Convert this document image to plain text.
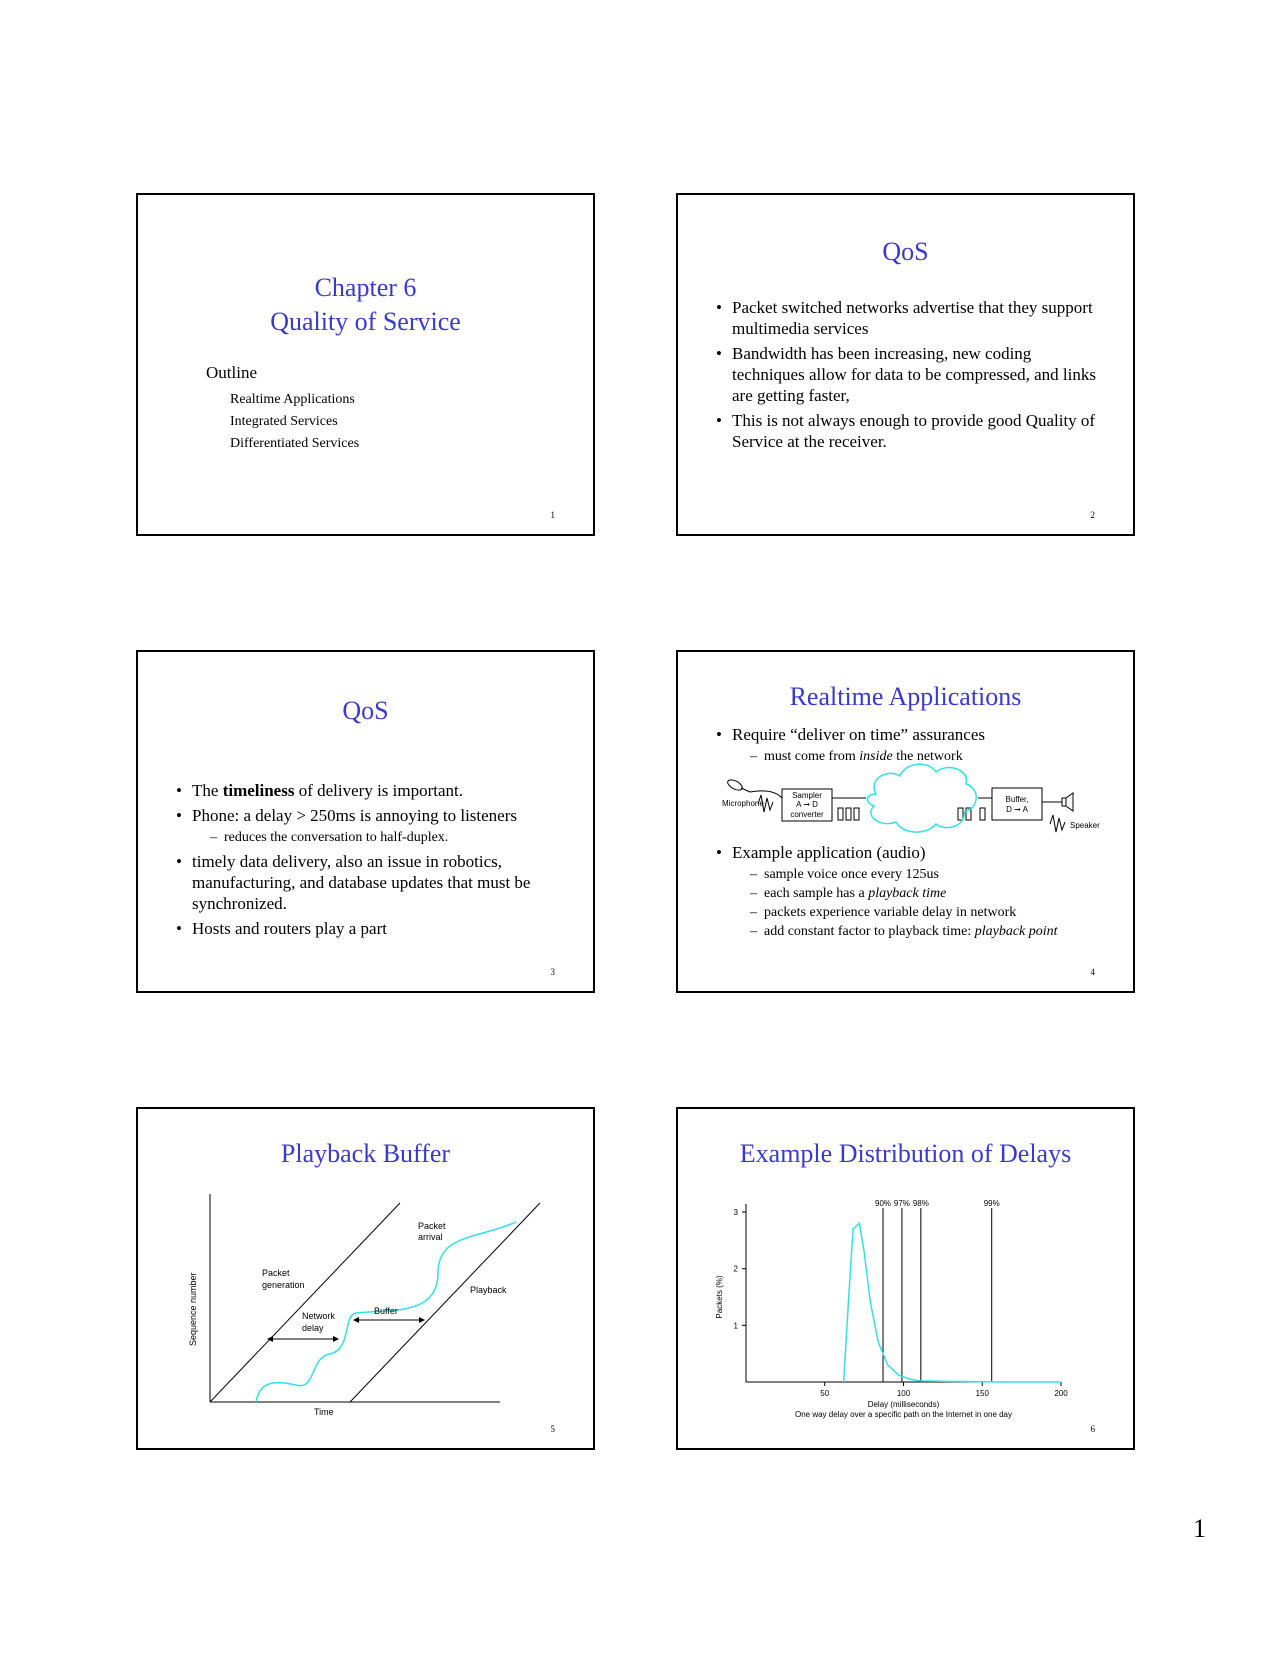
Chapter 6
Quality of Service
Outline
Realtime Applications
Integrated Services
Differentiated Services
1
QoS
• Packet switched networks advertise that they support multimedia services
• Bandwidth has been increasing, new coding techniques allow for data to be compressed, and links are getting faster,
• This is not always enough to provide good Quality of Service at the receiver.
2
QoS
• The timeliness of delivery is important.
• Phone: a delay > 250ms is annoying to listeners
– reduces the conversation to half-duplex.
• timely data delivery, also an issue in robotics, manufacturing, and database updates that must be synchronized.
• Hosts and routers play a part
3
Realtime Applications
• Require “deliver on time” assurances
– must come from inside the network
Microphone
Sampler
A ➞ D
converter
Buffer,
D ➞ A
Speaker
• Example application (audio)
– sample voice once every 125us
– each sample has a playback time
– packets experience variable delay in network
– add constant factor to playback time: playback point
4
Playback Buffer
Sequence number
Time
Packet
arrival
Packet
generation	Playback
Network
delay
Buffer
5
Example Distribution of Delays
50	100	150	200
1
2
3
90% 97% 98%	99%
Delay (milliseconds)
One way delay over a specific path on the Internet in one day
Packets (%)
6
1
